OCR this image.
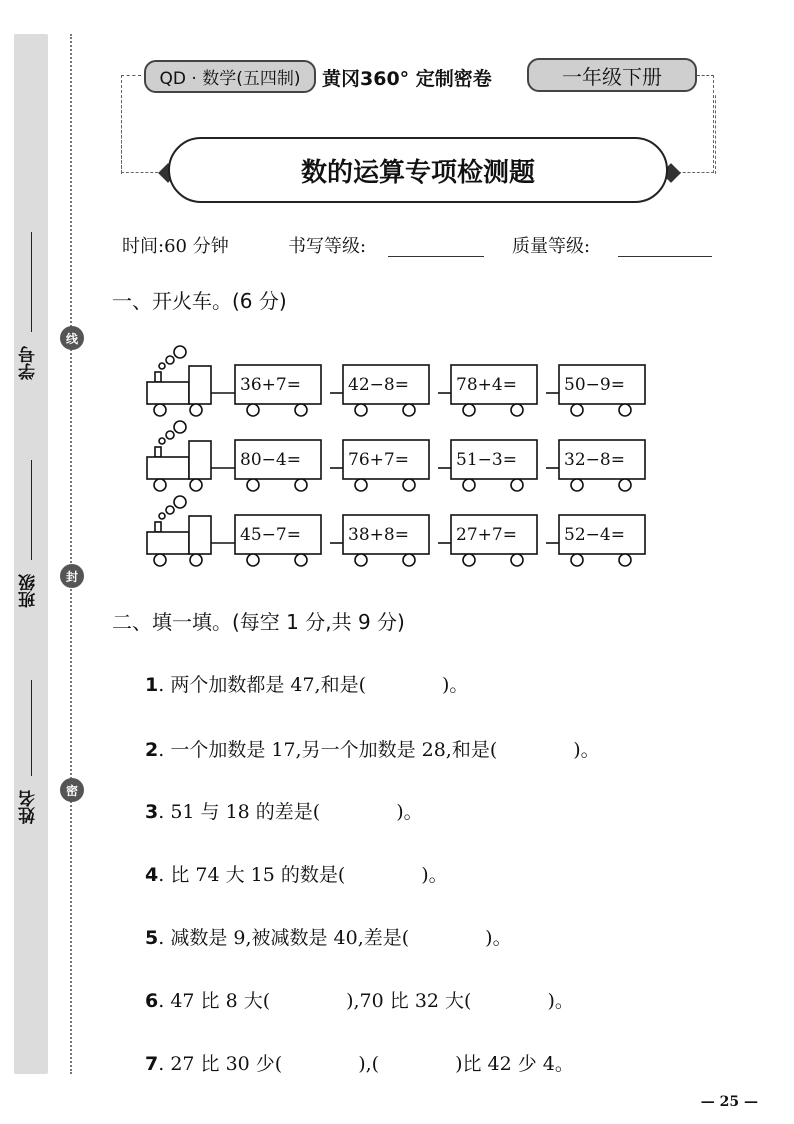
学号
班级
姓名
线
封
密
QD · 数学(五四制)	黄冈360° 定制密卷	一年级下册
数的运算专项检测题
时间:60 分钟	书写等级:	质量等级:
一、开火车。(6 分)
36+7=	42−8=	78+4=	50−9=
80−4=	76+7=	51−3=	32−8=
45−7=	38+8=	27+7=	52−4=
二、填一填。(每空 1 分,共 9 分)
1. 两个加数都是 47,和是(　　　　)。
2. 一个加数是 17,另一个加数是 28,和是(　　　　)。
3. 51 与 18 的差是(　　　　)。
4. 比 74 大 15 的数是(　　　　)。
5. 减数是 9,被减数是 40,差是(　　　　)。
6. 47 比 8 大(　　　　),70 比 32 大(　　　　)。
7. 27 比 30 少(　　　　),(　　　　)比 42 少 4。
— 25 —
